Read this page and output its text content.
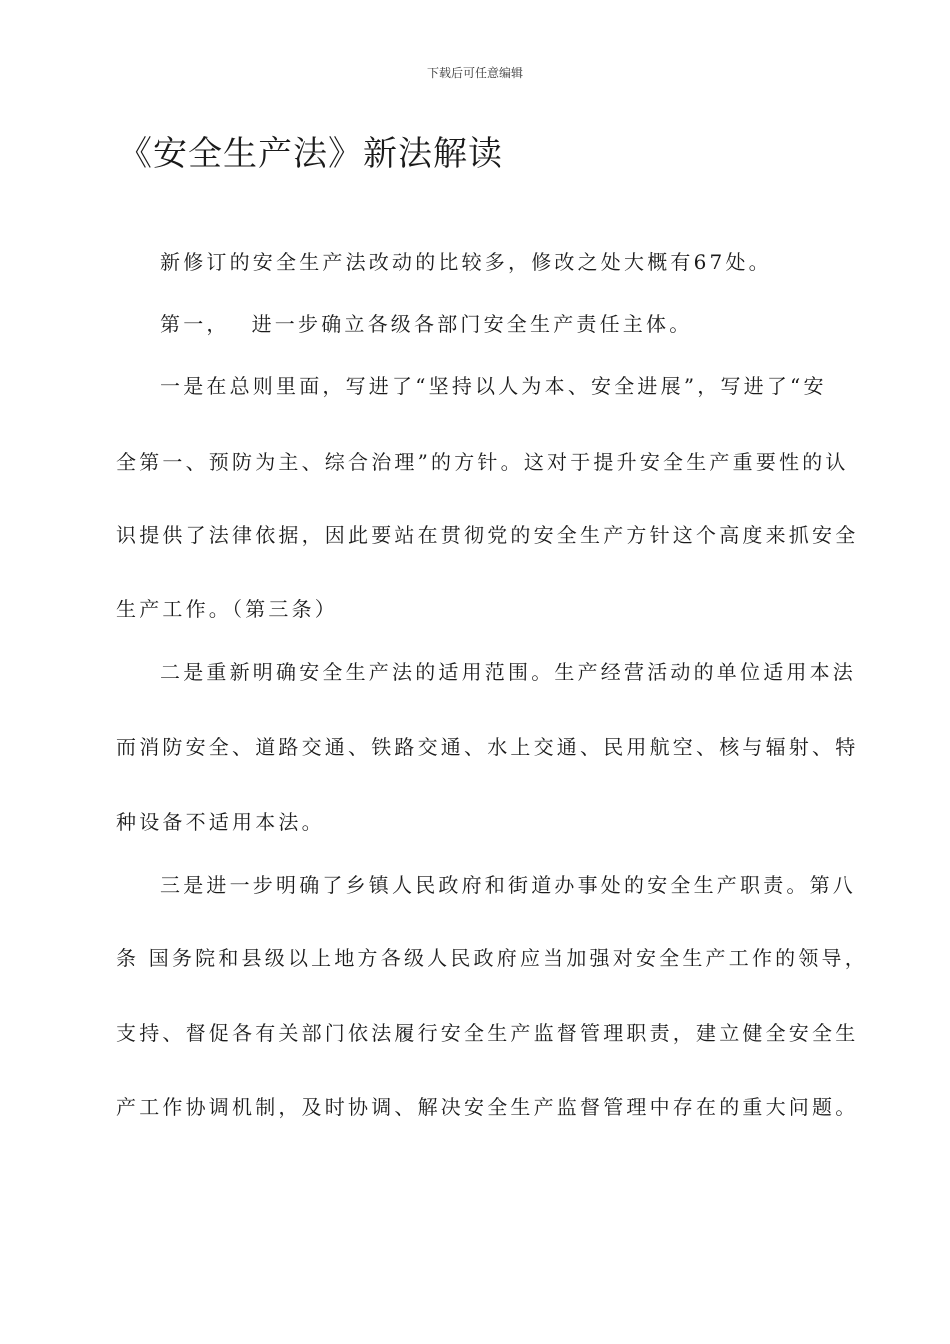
下载后可任意编辑
《安全生产法》新法解读
新修订的安全生产法改动的比较多，修改之处大概有67处。
第一， 进一步确立各级各部门安全生产责任主体。
一是在总则里面，写进了“坚持以人为本、安全进展”，写进了“安
全第一、预防为主、综合治理”的方针。这对于提升安全生产重要性的认
识提供了法律依据，因此要站在贯彻党的安全生产方针这个高度来抓安全
生产工作。（第三条）
二是重新明确安全生产法的适用范围。生产经营活动的单位适用本法
而消防安全、道路交通、铁路交通、水上交通、民用航空、核与辐射、特
种设备不适用本法。
三是进一步明确了乡镇人民政府和街道办事处的安全生产职责。第八
条 国务院和县级以上地方各级人民政府应当加强对安全生产工作的领导，
支持、督促各有关部门依法履行安全生产监督管理职责，建立健全安全生
产工作协调机制，及时协调、解决安全生产监督管理中存在的重大问题。
